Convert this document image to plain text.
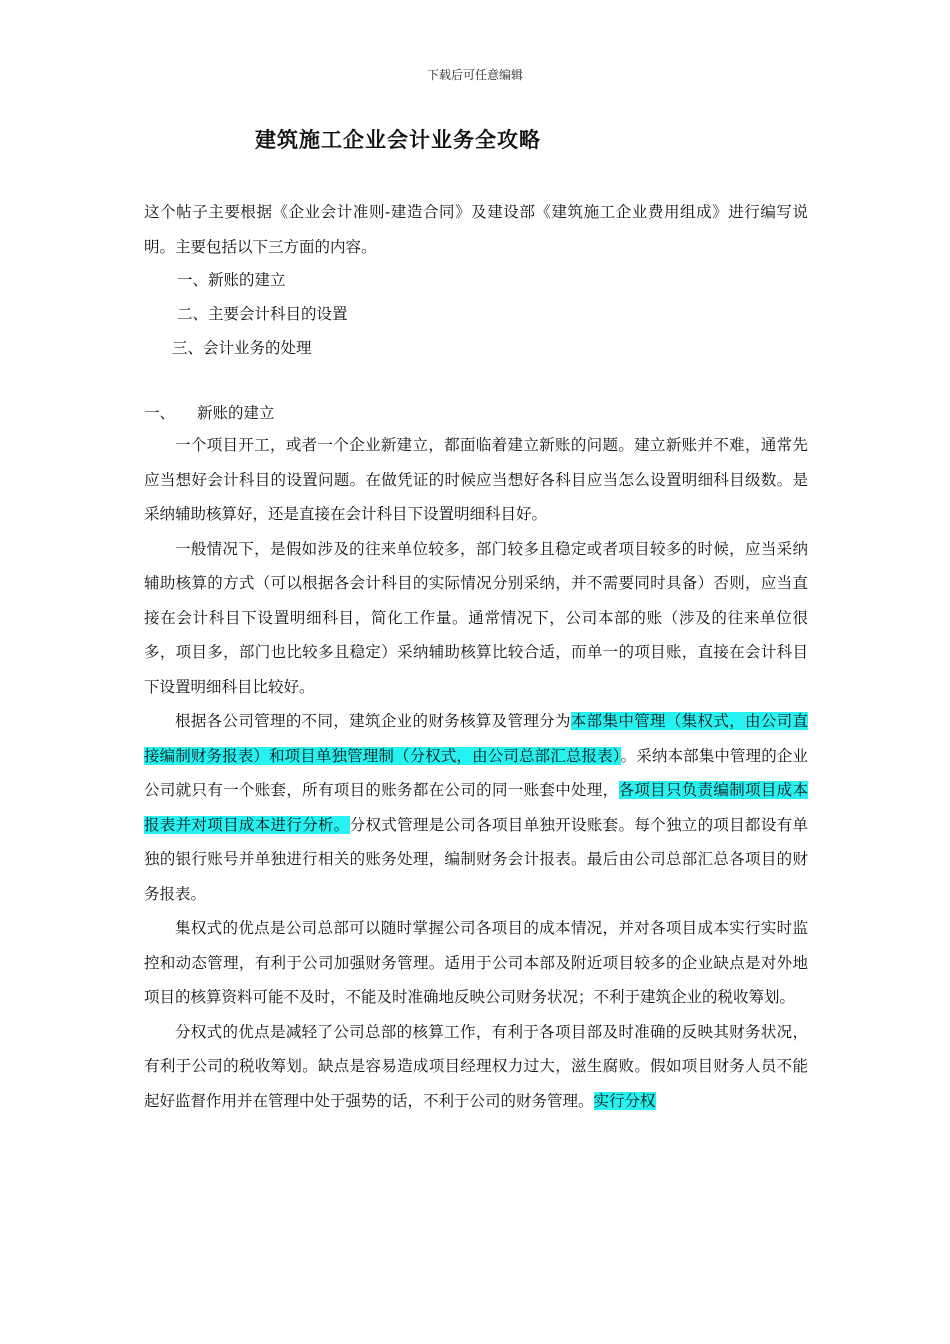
下载后可任意编辑
建筑施工企业会计业务全攻略
这个帖子主要根据《企业会计准则-建造合同》及建设部《建筑施工企业费用组成》进行编写说明。主要包括以下三方面的内容。
一、新账的建立
二、主要会计科目的设置
三、会计业务的处理
一、 新账的建立

一个项目开工，或者一个企业新建立，都面临着建立新账的问题。建立新账并不难，通常先应当想好会计科目的设置问题。在做凭证的时候应当想好各科目应当怎么设置明细科目级数。是采纳辅助核算好，还是直接在会计科目下设置明细科目好。

一般情况下，是假如涉及的往来单位较多，部门较多且稳定或者项目较多的时候，应当采纳辅助核算的方式（可以根据各会计科目的实际情况分别采纳，并不需要同时具备）否则，应当直接在会计科目下设置明细科目，简化工作量。通常情况下，公司本部的账（涉及的往来单位很多，项目多，部门也比较多且稳定）采纳辅助核算比较合适，而单一的项目账，直接在会计科目下设置明细科目比较好。

根据各公司管理的不同，建筑企业的财务核算及管理分为本部集中管理（集权式，由公司直接编制财务报表）和项目单独管理制（分权式，由公司总部汇总报表）。采纳本部集中管理的企业公司就只有一个账套，所有项目的账务都在公司的同一账套中处理，各项目只负责编制项目成本报表并对项目成本进行分析。分权式管理是公司各项目单独开设账套。每个独立的项目都设有单独的银行账号并单独进行相关的账务处理，编制财务会计报表。最后由公司总部汇总各项目的财务报表。

集权式的优点是公司总部可以随时掌握公司各项目的成本情况，并对各项目成本实行实时监控和动态管理，有利于公司加强财务管理。适用于公司本部及附近项目较多的企业缺点是对外地项目的核算资料可能不及时，不能及时准确地反映公司财务状况；不利于建筑企业的税收筹划。

分权式的优点是减轻了公司总部的核算工作，有利于各项目部及时准确的反映其财务状况，有利于公司的税收筹划。缺点是容易造成项目经理权力过大，滋生腐败。假如项目财务人员不能起好监督作用并在管理中处于强势的话，不利于公司的财务管理。实行分权
